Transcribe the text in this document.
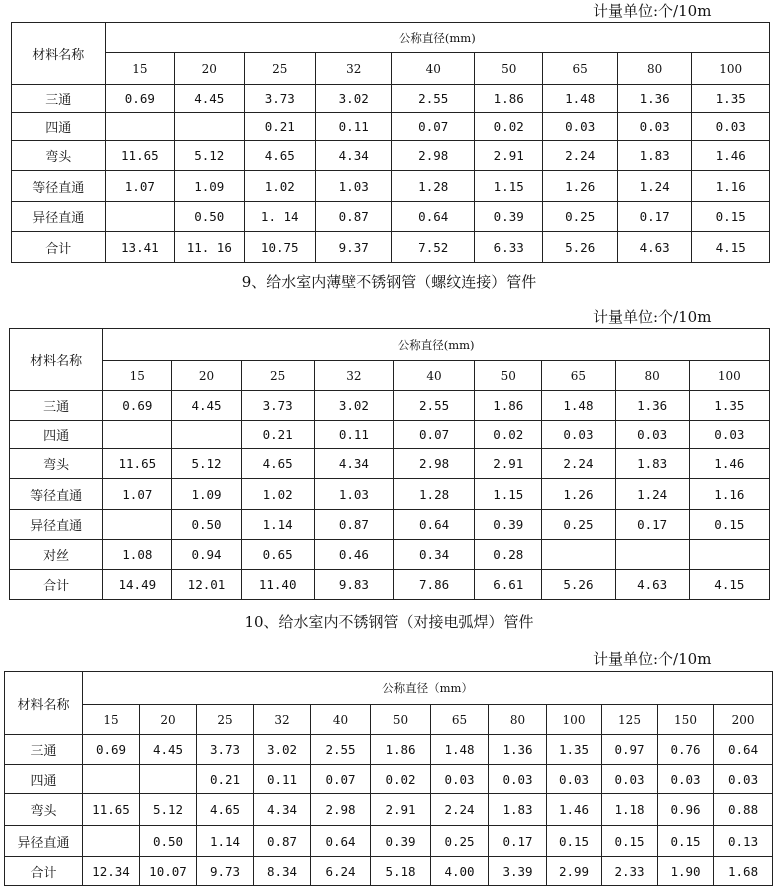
计量单位:个/10m
材料名称	公称直径(mm)								
	15	20	25	32	40	50	65	80	100
三通	0.69	4.45	3.73	3.02	2.55	1.86	1.48	1.36	1.35
四通			0.21	0.11	0.07	0.02	0.03	0.03	0.03
弯头	11.65	5.12	4.65	4.34	2.98	2.91	2.24	1.83	1.46
等径直通	1.07	1.09	1.02	1.03	1.28	1.15	1.26	1.24	1.16
异径直通		0.50	1. 14	0.87	0.64	0.39	0.25	0.17	0.15
合计	13.41	11. 16	10.75	9.37	7.52	6.33	5.26	4.63	4.15
9、给水室内薄壁不锈钢管（螺纹连接）管件
计量单位:个/10m
材料名称	公称直径(mm)								
	15	20	25	32	40	50	65	80	100
三通	0.69	4.45	3.73	3.02	2.55	1.86	1.48	1.36	1.35
四通			0.21	0.11	0.07	0.02	0.03	0.03	0.03
弯头	11.65	5.12	4.65	4.34	2.98	2.91	2.24	1.83	1.46
等径直通	1.07	1.09	1.02	1.03	1.28	1.15	1.26	1.24	1.16
异径直通		0.50	1.14	0.87	0.64	0.39	0.25	0.17	0.15
对丝	1.08	0.94	0.65	0.46	0.34	0.28			
合计	14.49	12.01	11.40	9.83	7.86	6.61	5.26	4.63	4.15
10、给水室内不锈钢管（对接电弧焊）管件
计量单位:个/10m
材料名称	公称直径（mm）											
	15	20	25	32	40	50	65	80	100	125	150	200
三通	0.69	4.45	3.73	3.02	2.55	1.86	1.48	1.36	1.35	0.97	0.76	0.64
四通			0.21	0.11	0.07	0.02	0.03	0.03	0.03	0.03	0.03	0.03
弯头	11.65	5.12	4.65	4.34	2.98	2.91	2.24	1.83	1.46	1.18	0.96	0.88
异径直通		0.50	1.14	0.87	0.64	0.39	0.25	0.17	0.15	0.15	0.15	0.13
合计	12.34	10.07	9.73	8.34	6.24	5.18	4.00	3.39	2.99	2.33	1.90	1.68
